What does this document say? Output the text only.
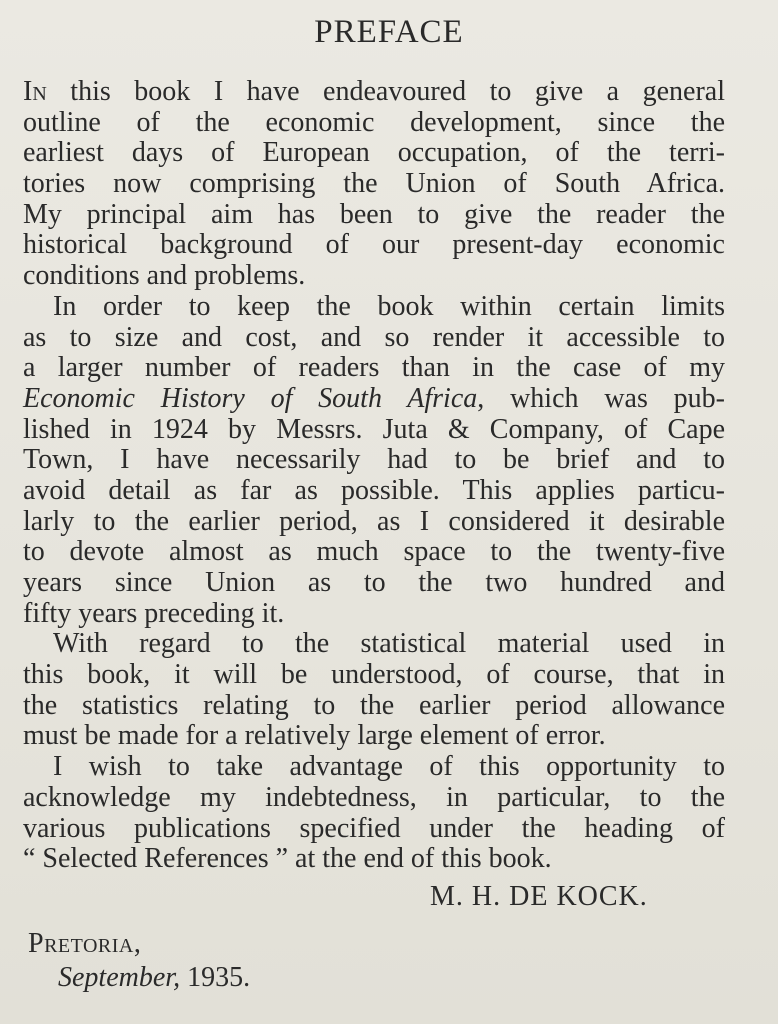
PREFACE
In this book I have endeavoured to give a general
outline of the economic development, since the
earliest days of European occupation, of the terri-
tories now comprising the Union of South Africa.
My principal aim has been to give the reader the
historical background of our present-day economic
conditions and problems.
In order to keep the book within certain limits
as to size and cost, and so render it accessible to
a larger number of readers than in the case of my
Economic History of South Africa, which was pub-
lished in 1924 by Messrs. Juta & Company, of Cape
Town, I have necessarily had to be brief and to
avoid detail as far as possible. This applies particu-
larly to the earlier period, as I considered it desirable
to devote almost as much space to the twenty-five
years since Union as to the two hundred and
fifty years preceding it.
With regard to the statistical material used in
this book, it will be understood, of course, that in
the statistics relating to the earlier period allowance
must be made for a relatively large element of error.
I wish to take advantage of this opportunity to
acknowledge my indebtedness, in particular, to the
various publications specified under the heading of
“ Selected References ” at the end of this book.
M. H. DE KOCK.
Pretoria,
September, 1935.
